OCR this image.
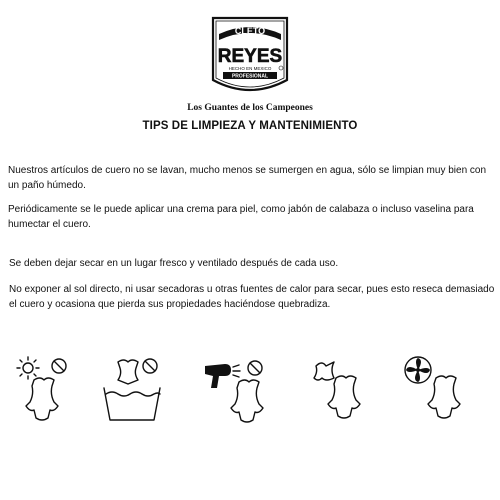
CLETO
REYES
HECHO EN MEXICO
PROFESIONAL
Los Guantes de los Campeones
TIPS DE LIMPIEZA Y MANTENIMIENTO

Nuestros artículos de cuero no se lavan, mucho menos se sumergen en agua, sólo se limpian muy bien con un paño húmedo.

Periódicamente se le puede aplicar una crema para piel, como jabón de calabaza o incluso vaselina para humectar el cuero.

Se deben dejar secar en un lugar fresco y ventilado después de cada uso.

No exponer al sol directo, ni usar secadoras u otras fuentes de calor para secar, pues esto reseca demasiado el cuero y ocasiona que pierda sus propiedades haciéndose quebradiza.
